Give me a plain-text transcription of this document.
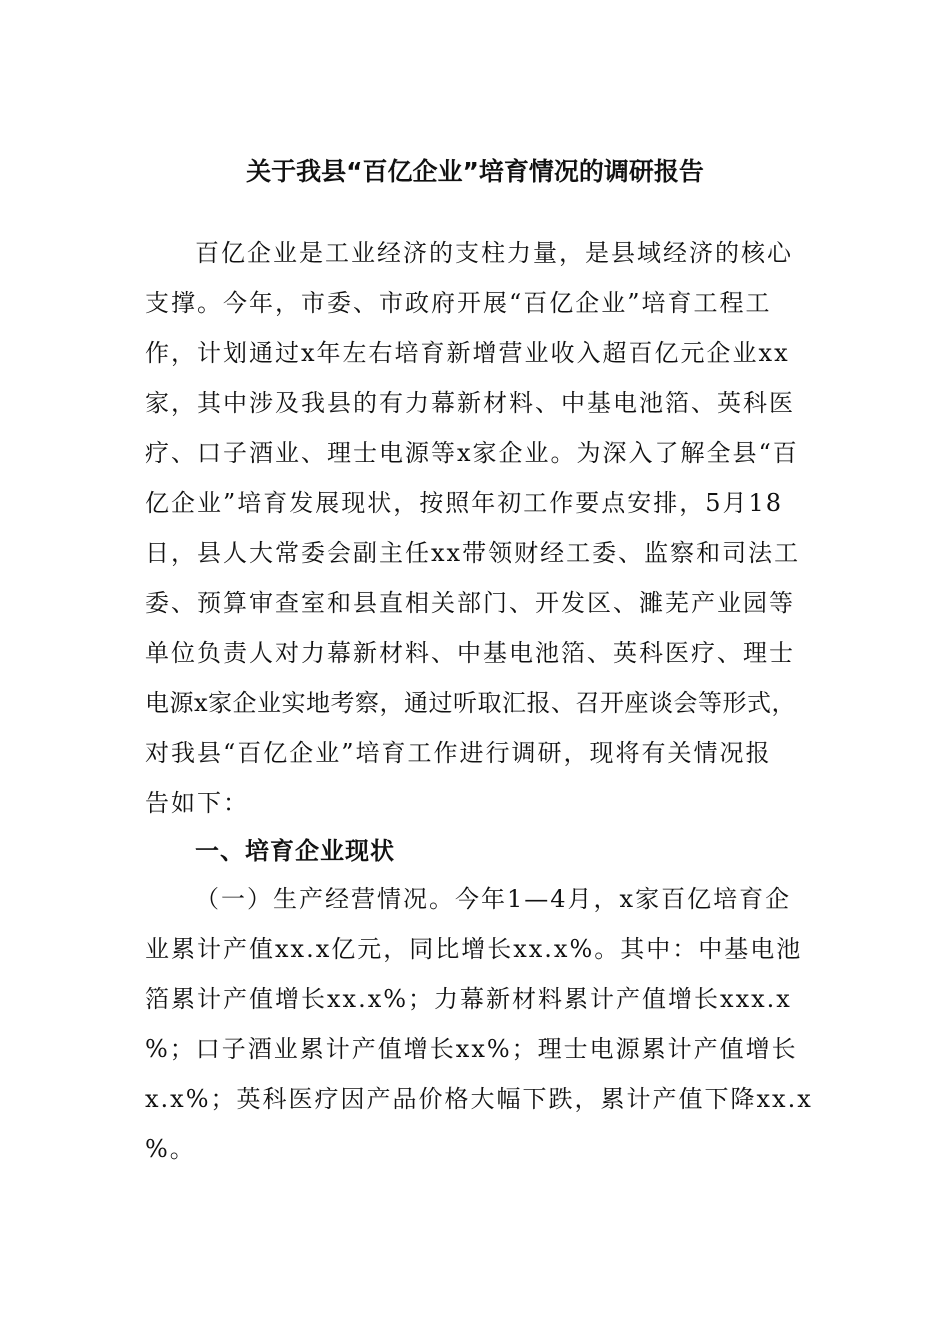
关于我县“百亿企业”培育情况的调研报告
百亿企业是工业经济的支柱力量，是县域经济的核心
支撑。今年，市委、市政府开展“百亿企业”培育工程工
作，计划通过x年左右培育新增营业收入超百亿元企业xx
家，其中涉及我县的有力幕新材料、中基电池箔、英科医
疗、口子酒业、理士电源等x家企业。为深入了解全县“百
亿企业”培育发展现状，按照年初工作要点安排，5月18
日，县人大常委会副主任xx带领财经工委、监察和司法工
委、预算审查室和县直相关部门、开发区、濉芜产业园等
单位负责人对力幕新材料、中基电池箔、英科医疗、理士
电源x家企业实地考察，通过听取汇报、召开座谈会等形式，
对我县“百亿企业”培育工作进行调研，现将有关情况报
告如下：
一、培育企业现状
（一）生产经营情况。今年1—4月，x家百亿培育企
业累计产值xx.x亿元，同比增长xx.x%。其中：中基电池
箔累计产值增长xx.x%；力幕新材料累计产值增长xxx.x
%；口子酒业累计产值增长xx%；理士电源累计产值增长
x.x%；英科医疗因产品价格大幅下跌，累计产值下降xx.x
%。
